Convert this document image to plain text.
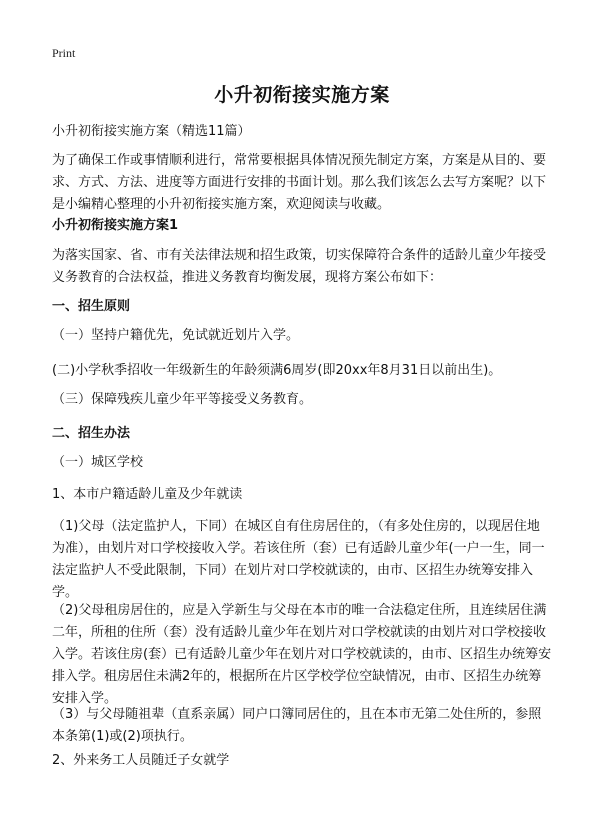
Print
小升初衔接实施方案

小升初衔接实施方案（精选11篇）

为了确保工作或事情顺利进行，常常要根据具体情况预先制定方案，方案是从目的、要求、方式、方法、进度等方面进行安排的书面计划。那么我们该怎么去写方案呢？以下是小编精心整理的小升初衔接实施方案，欢迎阅读与收藏。

小升初衔接实施方案1

为落实国家、省、市有关法律法规和招生政策，切实保障符合条件的适龄儿童少年接受义务教育的合法权益，推进义务教育均衡发展，现将方案公布如下：

一、招生原则

（一）坚持户籍优先，免试就近划片入学。

(二)小学秋季招收一年级新生的年龄须满6周岁(即20xx年8月31日以前出生)。

（三）保障残疾儿童少年平等接受义务教育。

二、招生办法

（一）城区学校

1、本市户籍适龄儿童及少年就读

（1)父母（法定监护人，下同）在城区自有住房居住的，（有多处住房的，以现居住地为准），由划片对口学校接收入学。若该住所（套）已有适龄儿童少年(一户一生，同一法定监护人不受此限制，下同）在划片对口学校就读的，由市、区招生办统筹安排入学。

（2)父母租房居住的，应是入学新生与父母在本市的唯一合法稳定住所，且连续居住满二年，所租的住所（套）没有适龄儿童少年在划片对口学校就读的由划片对口学校接收入学。若该住房(套）已有适龄儿童少年在划片对口学校就读的，由市、区招生办统筹安排入学。租房居住未满2年的，根据所在片区学校学位空缺情况，由市、区招生办统筹安排入学。

（3）与父母随祖辈（直系亲属）同户口簿同居住的，且在本市无第二处住所的，参照本条第(1)或(2)项执行。

2、外来务工人员随迁子女就学
